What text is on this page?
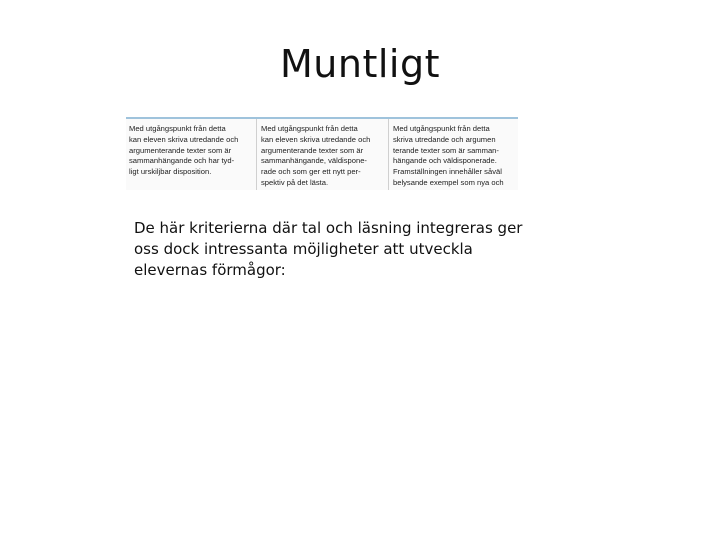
Muntligt
Med utgångspunkt från detta
kan eleven skriva utredande och
argumenterande texter som är
sammanhängande och har tyd-
ligt urskiljbar disposition.
Med utgångspunkt från detta
kan eleven skriva utredande och
argumenterande texter som är
sammanhängande, väldispone-
rade och som ger ett nytt per-
spektiv på det lästa.
Med utgångspunkt från detta
skriva utredande och argumen
terande texter som är samman-
hängande och väldisponerade.
Framställningen innehåller såväl
belysande exempel som nya och
De här kriterierna där tal och läsning integreras ger
oss dock intressanta möjligheter att utveckla
elevernas förmågor:
